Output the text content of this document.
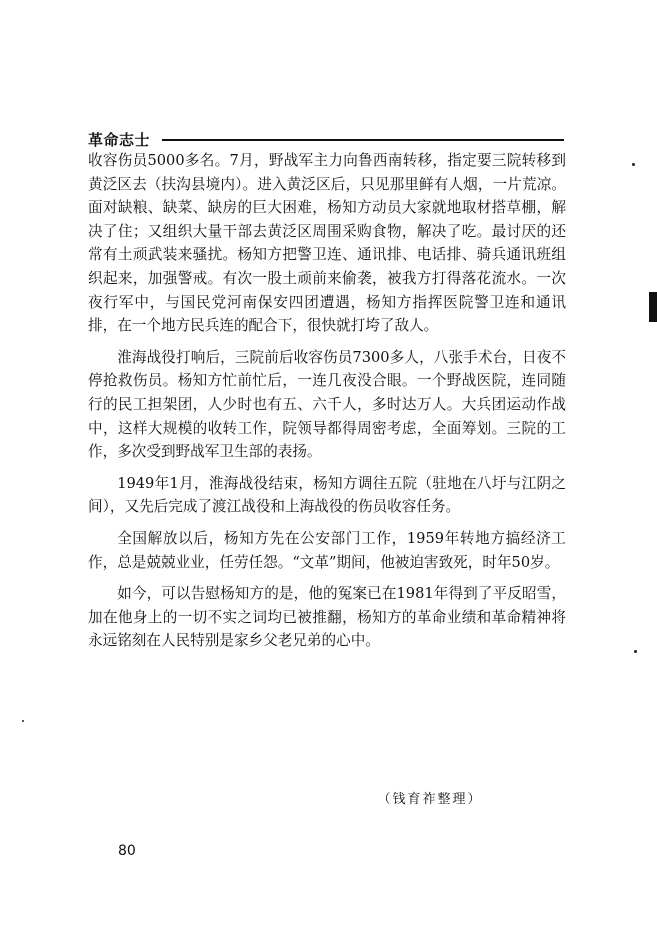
革命志士

收容伤员5000多名。7月，野战军主力向鲁西南转移，指定要三院转移到黄泛区去（扶沟县境内）。进入黄泛区后，只见那里鲜有人烟，一片荒凉。面对缺粮、缺菜、缺房的巨大困难，杨知方动员大家就地取材搭草棚，解决了住；又组织大量干部去黄泛区周围采购食物，解决了吃。最讨厌的还常有土顽武装来骚扰。杨知方把警卫连、通讯排、电话排、骑兵通讯班组织起来，加强警戒。有次一股土顽前来偷袭，被我方打得落花流水。一次夜行军中，与国民党河南保安四团遭遇，杨知方指挥医院警卫连和通讯排，在一个地方民兵连的配合下，很快就打垮了敌人。

淮海战役打响后，三院前后收容伤员7300多人，八张手术台，日夜不停抢救伤员。杨知方忙前忙后，一连几夜没合眼。一个野战医院，连同随行的民工担架团，人少时也有五、六千人，多时达万人。大兵团运动作战中，这样大规模的收转工作，院领导都得周密考虑，全面筹划。三院的工作，多次受到野战军卫生部的表扬。

1949年1月，淮海战役结束，杨知方调往五院（驻地在八圩与江阴之间），又先后完成了渡江战役和上海战役的伤员收容任务。

全国解放以后，杨知方先在公安部门工作，1959年转地方搞经济工作，总是兢兢业业，任劳任怨。“文革”期间，他被迫害致死，时年50岁。

如今，可以告慰杨知方的是，他的冤案已在1981年得到了平反昭雪，加在他身上的一切不实之词均已被推翻，杨知方的革命业绩和革命精神将永远铭刻在人民特别是家乡父老兄弟的心中。

（钱育祚整理）
80
